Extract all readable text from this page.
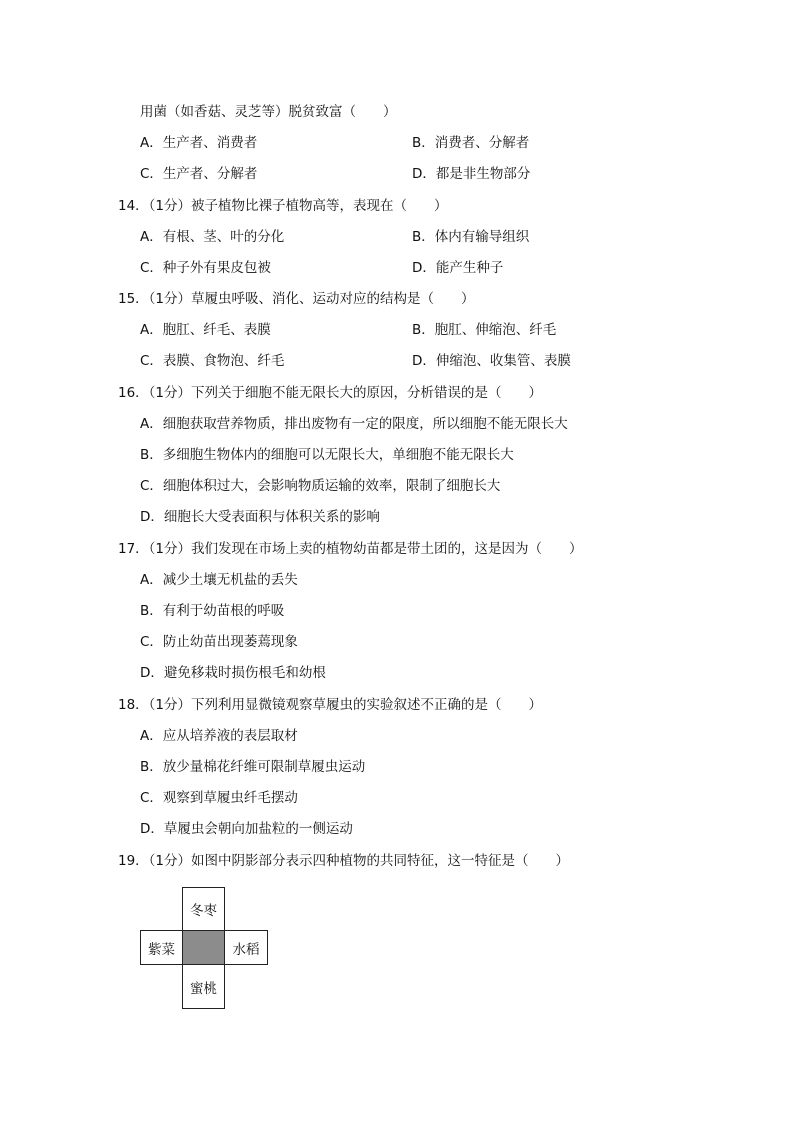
用菌（如香菇、灵芝等）脱贫致富（　　）
A．生产者、消费者	B．消费者、分解者
C．生产者、分解者	D．都是非生物部分
14．（1分）被子植物比裸子植物高等，表现在（　　）
A．有根、茎、叶的分化	B．体内有输导组织
C．种子外有果皮包被	D．能产生种子
15．（1分）草履虫呼吸、消化、运动对应的结构是（　　）
A．胞肛、纤毛、表膜	B．胞肛、伸缩泡、纤毛
C．表膜、食物泡、纤毛	D．伸缩泡、收集管、表膜
16．（1分）下列关于细胞不能无限长大的原因，分析错误的是（　　）
A．细胞获取营养物质，排出废物有一定的限度，所以细胞不能无限长大
B．多细胞生物体内的细胞可以无限长大，单细胞不能无限长大
C．细胞体积过大，会影响物质运输的效率，限制了细胞长大
D．细胞长大受表面积与体积关系的影响
17．（1分）我们发现在市场上卖的植物幼苗都是带土团的，这是因为（　　）
A．减少土壤无机盐的丢失
B．有利于幼苗根的呼吸
C．防止幼苗出现萎蔫现象
D．避免移栽时损伤根毛和幼根
18．（1分）下列利用显微镜观察草履虫的实验叙述不正确的是（　　）
A．应从培养液的表层取材
B．放少量棉花纤维可限制草履虫运动
C．观察到草履虫纤毛摆动
D．草履虫会朝向加盐粒的一侧运动
19．（1分）如图中阴影部分表示四种植物的共同特征，这一特征是（　　）
冬枣
紫菜	水稻
蜜桃
